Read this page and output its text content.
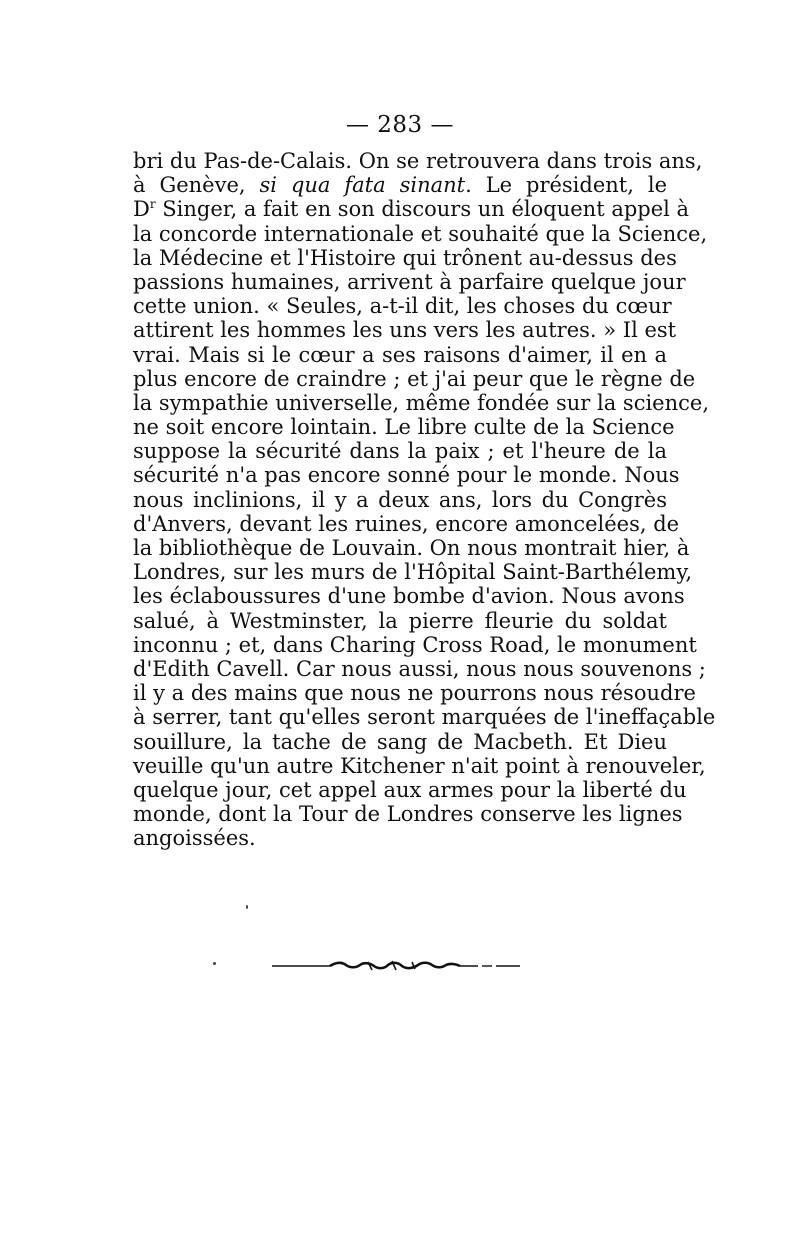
— 283 —
bri du Pas-de-Calais. On se retrouvera dans trois ans,
à Genève, si qua fata sinant. Le président, le
$D^r$ Singer, a fait en son discours un éloquent appel à
la concorde internationale et souhaité que la Science,
la Médecine et l'Histoire qui trônent au-dessus des
passions humaines, arrivent à parfaire quelque jour
cette union. « Seules, a-t-il dit, les choses du cœur
attirent les hommes les uns vers les autres. » Il est
vrai. Mais si le cœur a ses raisons d'aimer, il en a
plus encore de craindre ; et j'ai peur que le règne de
la sympathie universelle, même fondée sur la science,
ne soit encore lointain. Le libre culte de la Science
suppose la sécurité dans la paix ; et l'heure de la
sécurité n'a pas encore sonné pour le monde. Nous
nous inclinions, il y a deux ans, lors du Congrès
d'Anvers, devant les ruines, encore amoncelées, de
la bibliothèque de Louvain. On nous montrait hier, à
Londres, sur les murs de l'Hôpital Saint-Barthélemy,
les éclaboussures d'une bombe d'avion. Nous avons
salué, à Westminster, la pierre fleurie du soldat
inconnu ; et, dans Charing Cross Road, le monument
d'Edith Cavell. Car nous aussi, nous nous souvenons ;
il y a des mains que nous ne pourrons nous résoudre
à serrer, tant qu'elles seront marquées de l'ineffaçable
souillure, la tache de sang de Macbeth. Et Dieu
veuille qu'un autre Kitchener n'ait point à renouveler,
quelque jour, cet appel aux armes pour la liberté du
monde, dont la Tour de Londres conserve les lignes
angoissées.
